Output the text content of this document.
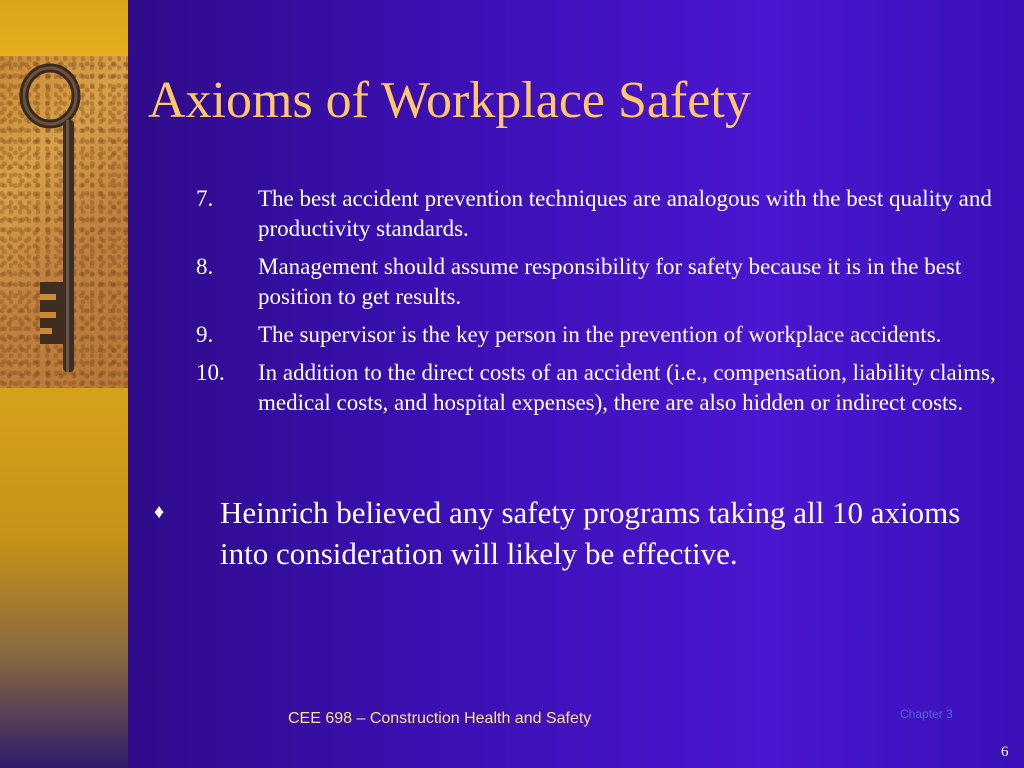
Axioms of Workplace Safety
7.	The best accident prevention techniques are analogous with the best quality and productivity standards.
8.	Management should assume responsibility for safety because it is in the best position to get results.
9.	The supervisor is the key person in the prevention of workplace accidents.
10.	In addition to the direct costs of an accident (i.e., compensation, liability claims, medical costs, and hospital expenses), there are also hidden or indirect costs.
♦	Heinrich believed any safety programs taking all 10 axioms into consideration will likely be effective.
CEE 698 – Construction Health and Safety	Chapter 3
6
